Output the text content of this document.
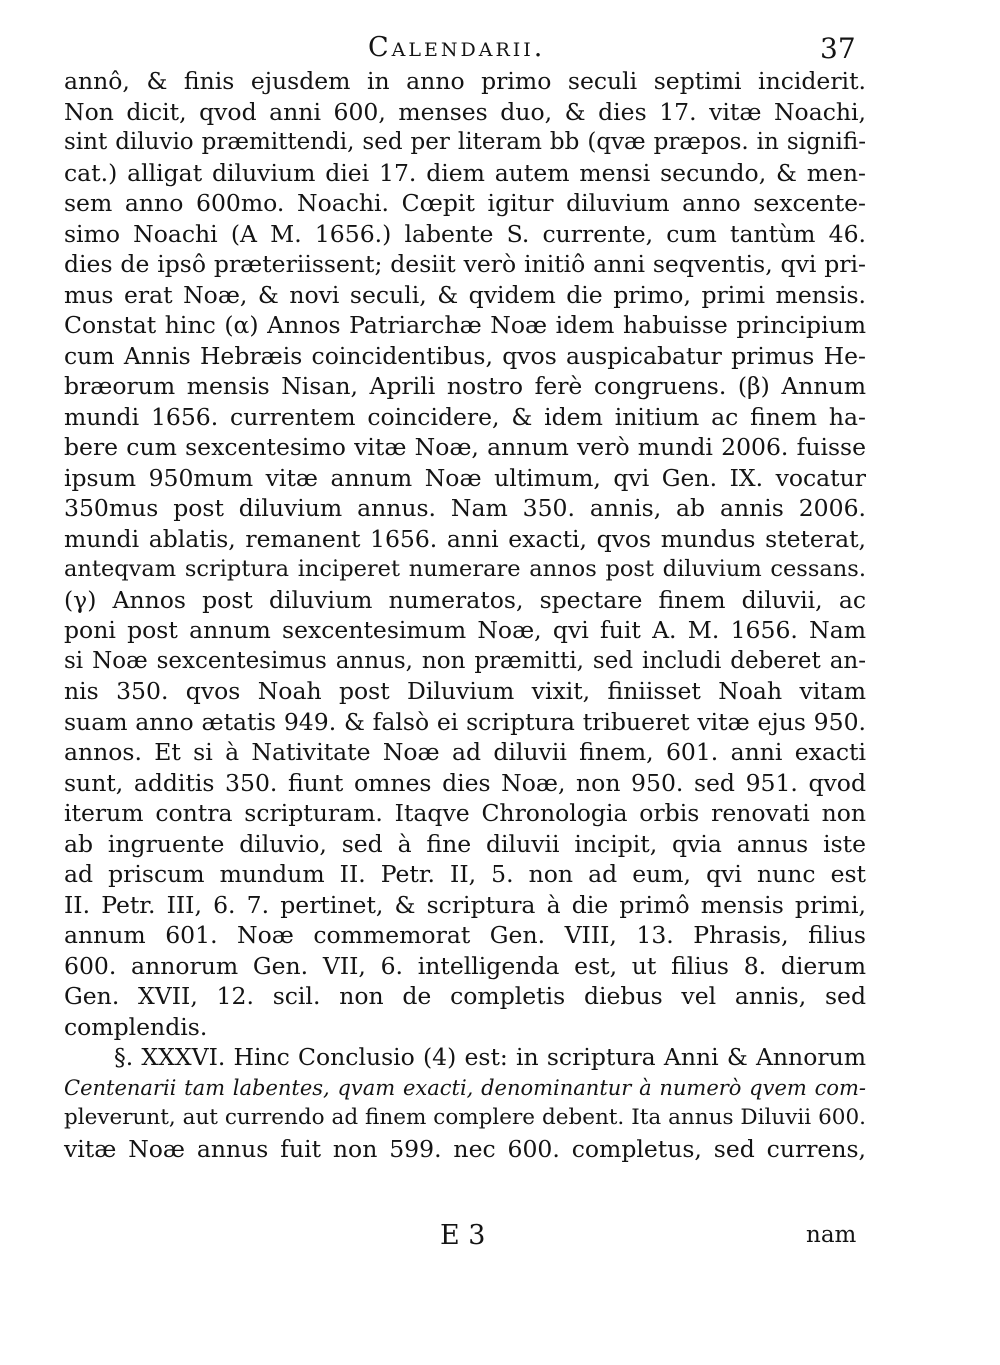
Calendarii.	37
annô, & finis ejusdem in anno primo seculi septimi inciderit.
Non dicit, qvod anni 600, menses duo, & dies 17. vitæ Noachi,
sint diluvio præmittendi, sed per literam bb (qvæ præpos. in signifi-
cat.) alligat diluvium diei 17. diem autem mensi secundo, & men-
sem anno 600mo. Noachi. Cœpit igitur diluvium anno sexcente-
simo Noachi (A M. 1656.) labente S. currente, cum tantùm 46.
dies de ipsô præteriissent; desiit verò initiô anni seqventis, qvi pri-
mus erat Noæ, & novi seculi, & qvidem die primo, primi mensis.
Constat hinc (α) Annos Patriarchæ Noæ idem habuisse principium
cum Annis Hebræis coincidentibus, qvos auspicabatur primus He-
bræorum mensis Nisan, Aprili nostro ferè congruens. (β) Annum
mundi 1656. currentem coincidere, & idem initium ac finem ha-
bere cum sexcentesimo vitæ Noæ, annum verò mundi 2006. fuisse
ipsum 950mum vitæ annum Noæ ultimum, qvi Gen. IX. vocatur
350mus post diluvium annus. Nam 350. annis, ab annis 2006.
mundi ablatis, remanent 1656. anni exacti, qvos mundus steterat,
anteqvam scriptura inciperet numerare annos post diluvium cessans.
(γ) Annos post diluvium numeratos, spectare finem diluvii, ac
poni post annum sexcentesimum Noæ, qvi fuit A. M. 1656. Nam
si Noæ sexcentesimus annus, non præmitti, sed includi deberet an-
nis 350. qvos Noah post Diluvium vixit, finiisset Noah vitam
suam anno ætatis 949. & falsò ei scriptura tribueret vitæ ejus 950.
annos. Et si à Nativitate Noæ ad diluvii finem, 601. anni exacti
sunt, additis 350. fiunt omnes dies Noæ, non 950. sed 951. qvod
iterum contra scripturam. Itaqve Chronologia orbis renovati non
ab ingruente diluvio, sed à fine diluvii incipit, qvia annus iste
ad priscum mundum II. Petr. II, 5. non ad eum, qvi nunc est
II. Petr. III, 6. 7. pertinet, & scriptura à die primô mensis primi,
annum 601. Noæ commemorat Gen. VIII, 13. Phrasis, filius
600. annorum Gen. VII, 6. intelligenda est, ut filius 8. dierum
Gen. XVII, 12. scil. non de completis diebus vel annis, sed
complendis.
§. XXXVI. Hinc Conclusio (4) est: in scriptura Anni & Annorum
Centenarii tam labentes, qvam exacti, denominantur à numerò qvem com-
pleverunt, aut currendo ad finem complere debent. Ita annus Diluvii 600.
vitæ Noæ annus fuit non 599. nec 600. completus, sed currens,
E 3	nam
